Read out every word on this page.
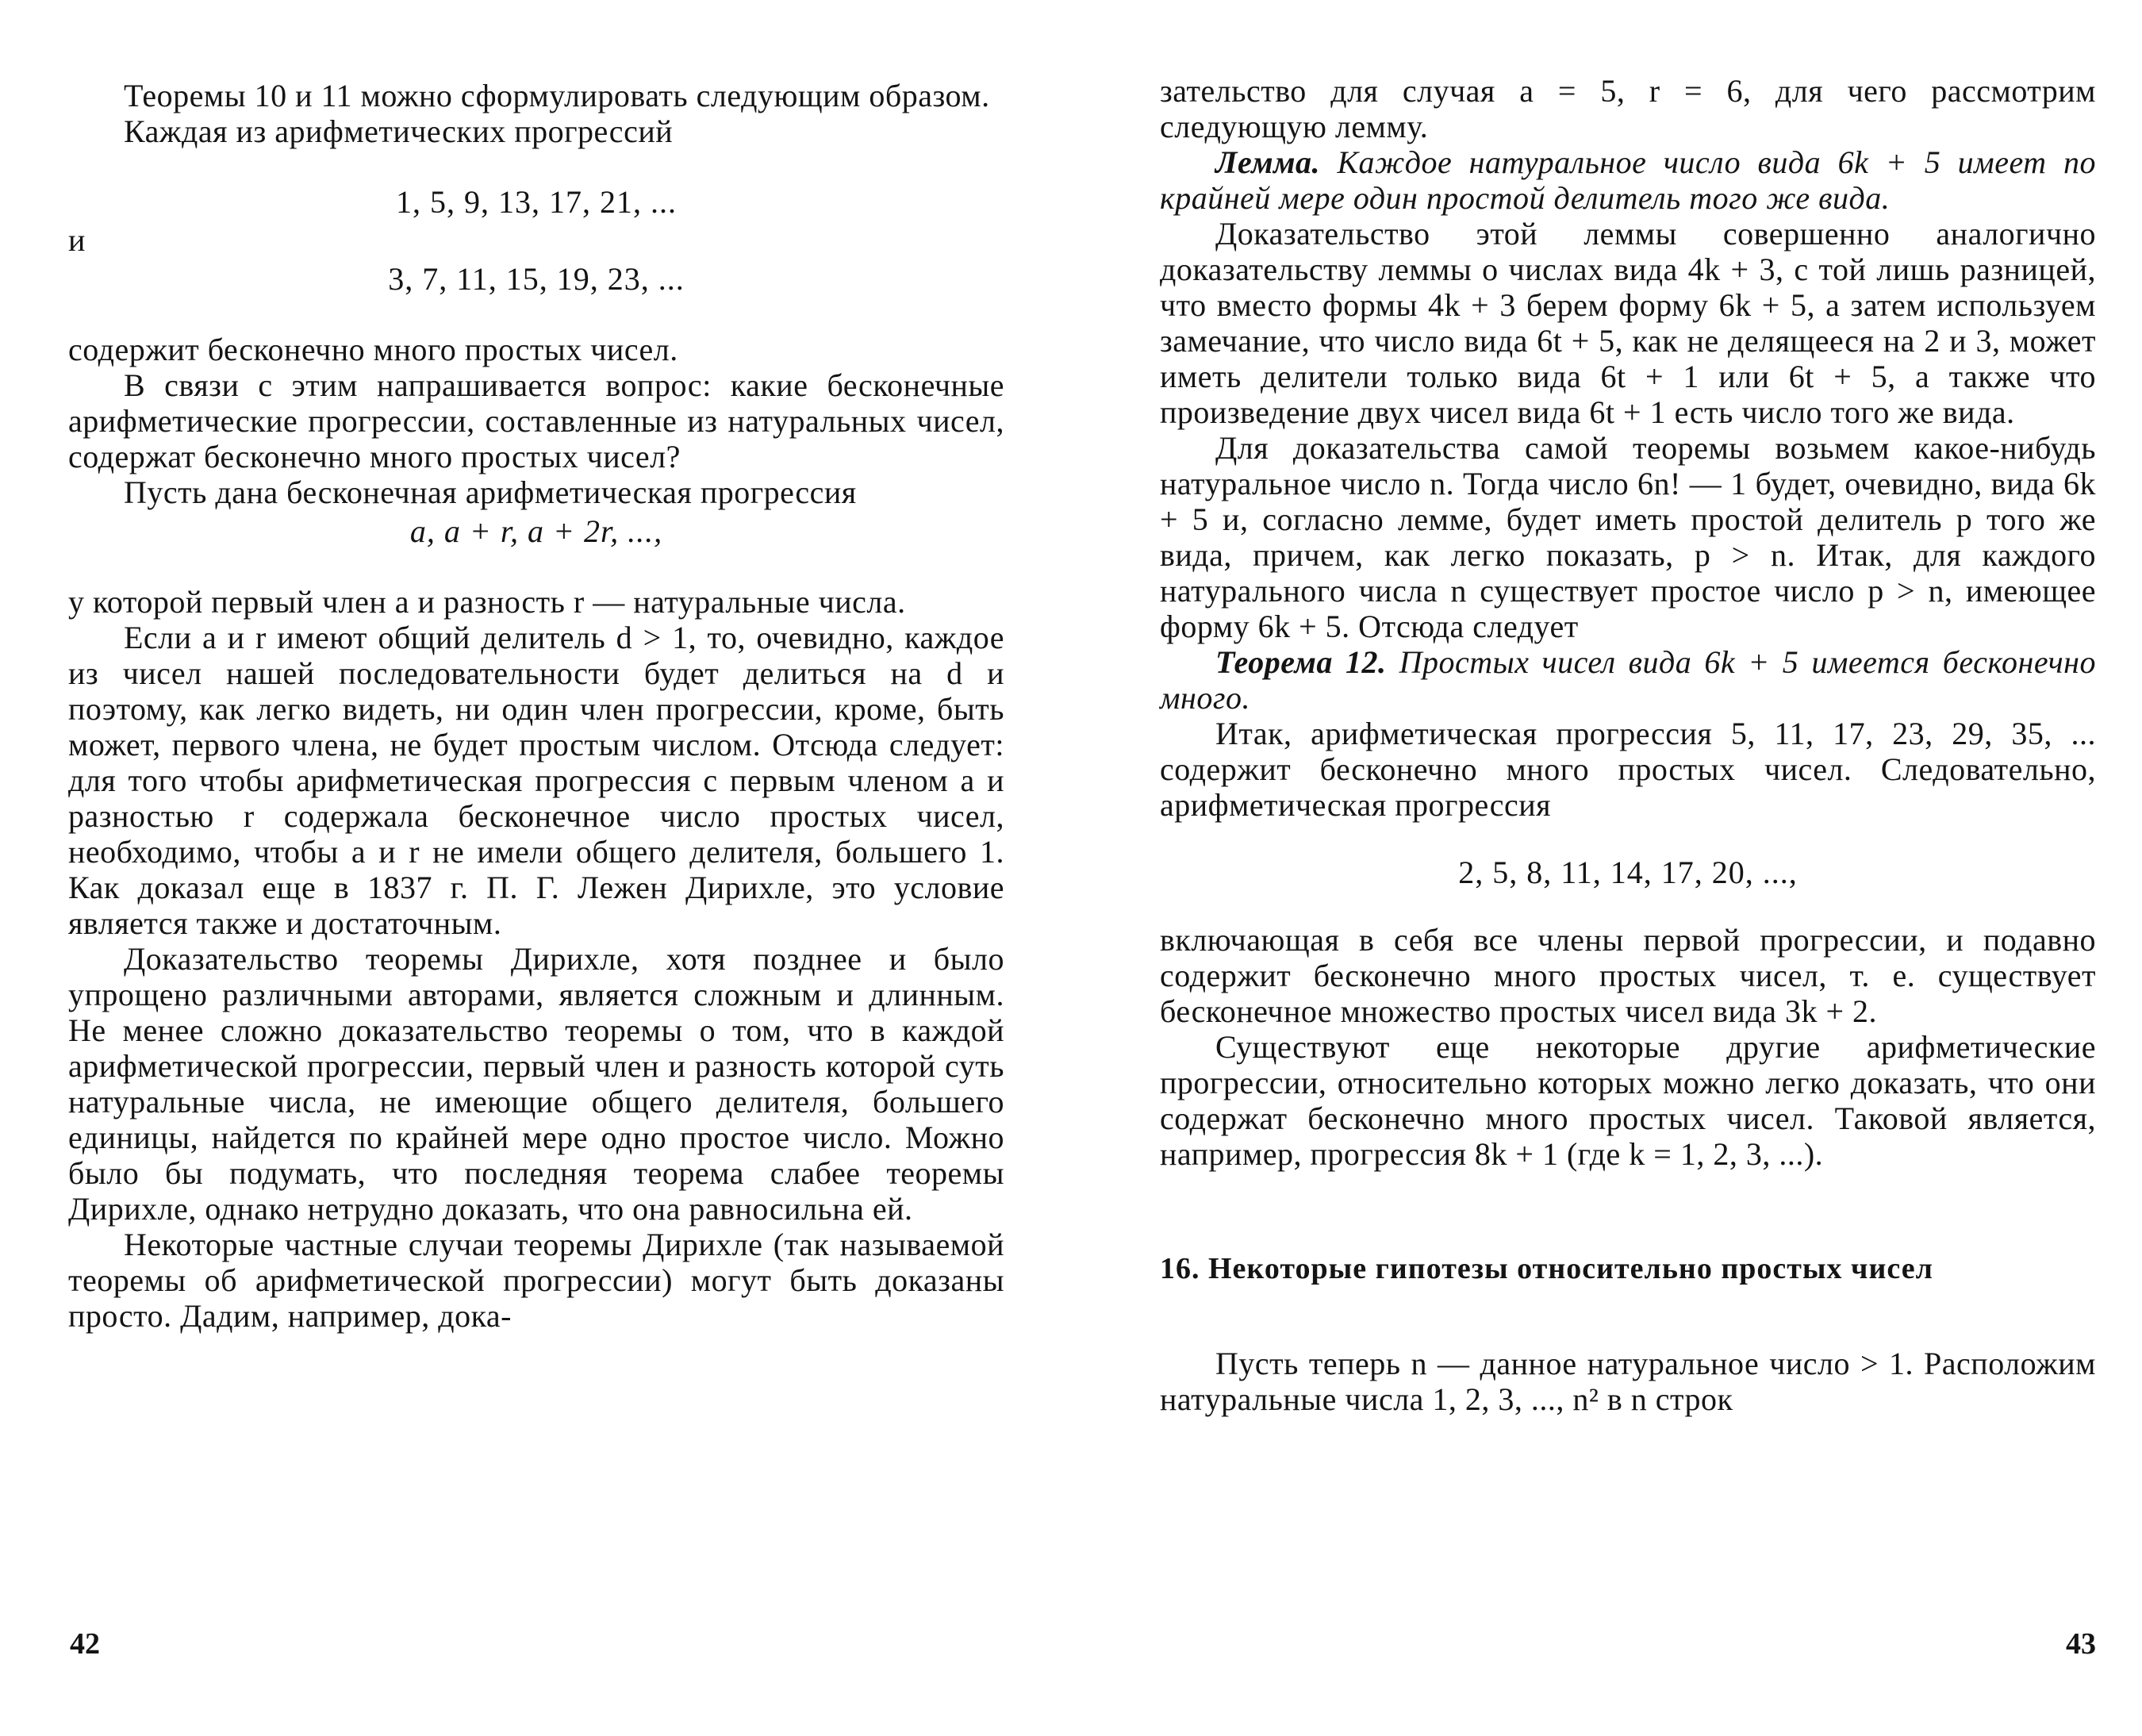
Теоремы 10 и 11 можно сформулировать следующим образом.

Каждая из арифметических прогрессий

1, 5, 9, 13, 17, 21, ...

и

3, 7, 11, 15, 19, 23, ...

содержит бесконечно много простых чисел.

В связи с этим напрашивается вопрос: какие бесконечные арифметические прогрессии, составленные из натуральных чисел, содержат бесконечно много простых чисел?

Пусть дана бесконечная арифметическая прогрессия

a, a + r, a + 2r, ...,

у которой первый член a и разность r — натуральные числа.

Если a и r имеют общий делитель d > 1, то, очевидно, каждое из чисел нашей последовательности будет делиться на d и поэтому, как легко видеть, ни один член прогрессии, кроме, быть может, первого члена, не будет простым числом. Отсюда следует: для того чтобы арифметическая прогрессия с первым членом a и разностью r содержала бесконечное число простых чисел, необходимо, чтобы a и r не имели общего делителя, большего 1. Как доказал еще в 1837 г. П. Г. Лежен Дирихле, это условие является также и достаточным.

Доказательство теоремы Дирихле, хотя позднее и было упрощено различными авторами, является сложным и длинным. Не менее сложно доказательство теоремы о том, что в каждой арифметической прогрессии, первый член и разность которой суть натуральные числа, не имеющие общего делителя, большего единицы, найдется по крайней мере одно простое число. Можно было бы подумать, что последняя теорема слабее теоремы Дирихле, однако нетрудно доказать, что она равносильна ей.

Некоторые частные случаи теоремы Дирихле (так называемой теоремы об арифметической прогрессии) могут быть доказаны просто. Дадим, например, дока-

42

зательство для случая a = 5, r = 6, для чего рассмотрим следующую лемму.

Лемма. Каждое натуральное число вида 6k + 5 имеет по крайней мере один простой делитель того же вида.

Доказательство этой леммы совершенно аналогично доказательству леммы о числах вида 4k + 3, с той лишь разницей, что вместо формы 4k + 3 берем форму 6k + 5, а затем используем замечание, что число вида 6t + 5, как не делящееся на 2 и 3, может иметь делители только вида 6t + 1 или 6t + 5, а также что произведение двух чисел вида 6t + 1 есть число того же вида.

Для доказательства самой теоремы возьмем какое-нибудь натуральное число n. Тогда число 6n! — 1 будет, очевидно, вида 6k + 5 и, согласно лемме, будет иметь простой делитель p того же вида, причем, как легко показать, p > n. Итак, для каждого натурального числа n существует простое число p > n, имеющее форму 6k + 5. Отсюда следует

Теорема 12. Простых чисел вида 6k + 5 имеется бесконечно много.

Итак, арифметическая прогрессия 5, 11, 17, 23, 29, 35, ... содержит бесконечно много простых чисел. Следовательно, арифметическая прогрессия

2, 5, 8, 11, 14, 17, 20, ...,

включающая в себя все члены первой прогрессии, и подавно содержит бесконечно много простых чисел, т. е. существует бесконечное множество простых чисел вида 3k + 2.

Существуют еще некоторые другие арифметические прогрессии, относительно которых можно легко доказать, что они содержат бесконечно много простых чисел. Таковой является, например, прогрессия 8k + 1 (где k = 1, 2, 3, ...).

16. Некоторые гипотезы относительно простых чисел

Пусть теперь n — данное натуральное число > 1. Расположим натуральные числа 1, 2, 3, ..., n² в n строк

43
